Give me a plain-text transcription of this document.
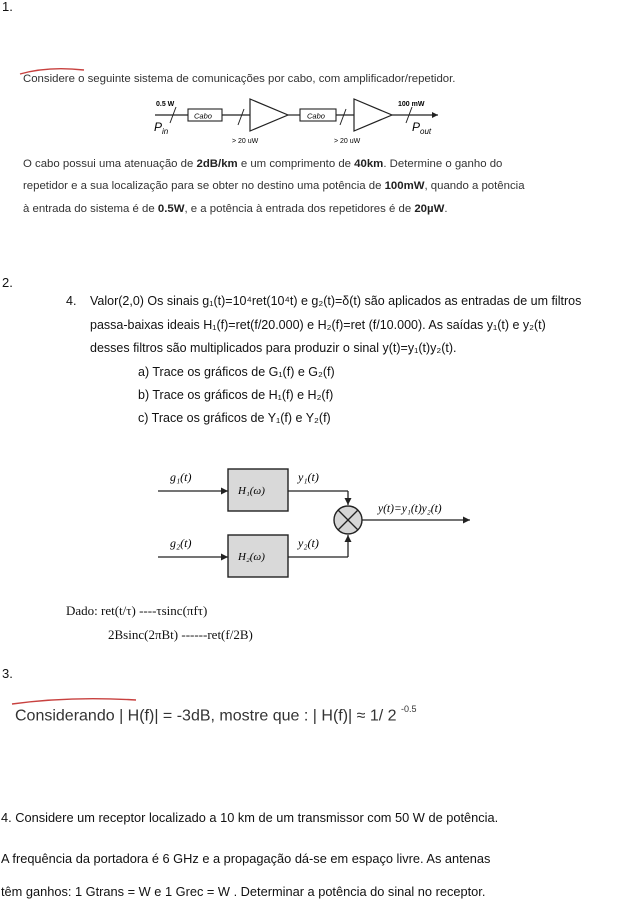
1.
Considere o seguinte sistema de comunicações por cabo, com amplificador/repetidor.
0.5 W
Cabo	Cabo
$P_{in}$
> 20 uW	> 20 uW
100 mW
$P_{out}$
O cabo possui uma atenuação de 2dB/km e um comprimento de 40km. Determine o ganho do
repetidor e a sua localização para se obter no destino uma potência de 100mW, quando a potência
à entrada do sistema é de 0.5W, e a potência à entrada dos repetidores é de 20µW.
2.
4. Valor(2,0) Os sinais g₁(t)=10⁴ret(10⁴t) e g₂(t)=δ(t) são aplicados as entradas de um filtros
passa-baixas ideais H₁(f)=ret(f/20.000) e H₂(f)=ret (f/10.000). As saídas y₁(t) e y₂(t)
desses filtros são multiplicados para produzir o sinal y(t)=y₁(t)y₂(t).
a) Trace os gráficos de G₁(f) e G₂(f)
b) Trace os gráficos de H₁(f) e H₂(f)
c) Trace os gráficos de Y₁(f) e Y₂(f)
g₁(t)
g₂(t)
H₁(ω)
H₂(ω)
y₁(t)
y₂(t)
y(t)=y₁(t)y₂(t)
Dado: ret(t/τ) ----τsinc(πfτ)
2Bsinc(2πBt) ------ret(f/2B)
3.
Considerando | H(f)| = -3dB, mostre que : | H(f)| ≈ 1/ 2 $^{-0.5}$
4. Considere um receptor localizado a 10 km de um transmissor com 50 W de potência.
A frequência da portadora é 6 GHz e a propagação dá-se em espaço livre. As antenas
têm ganhos: 1 Gtrans = W e 1 Grec = W . Determinar a potência do sinal no receptor.
